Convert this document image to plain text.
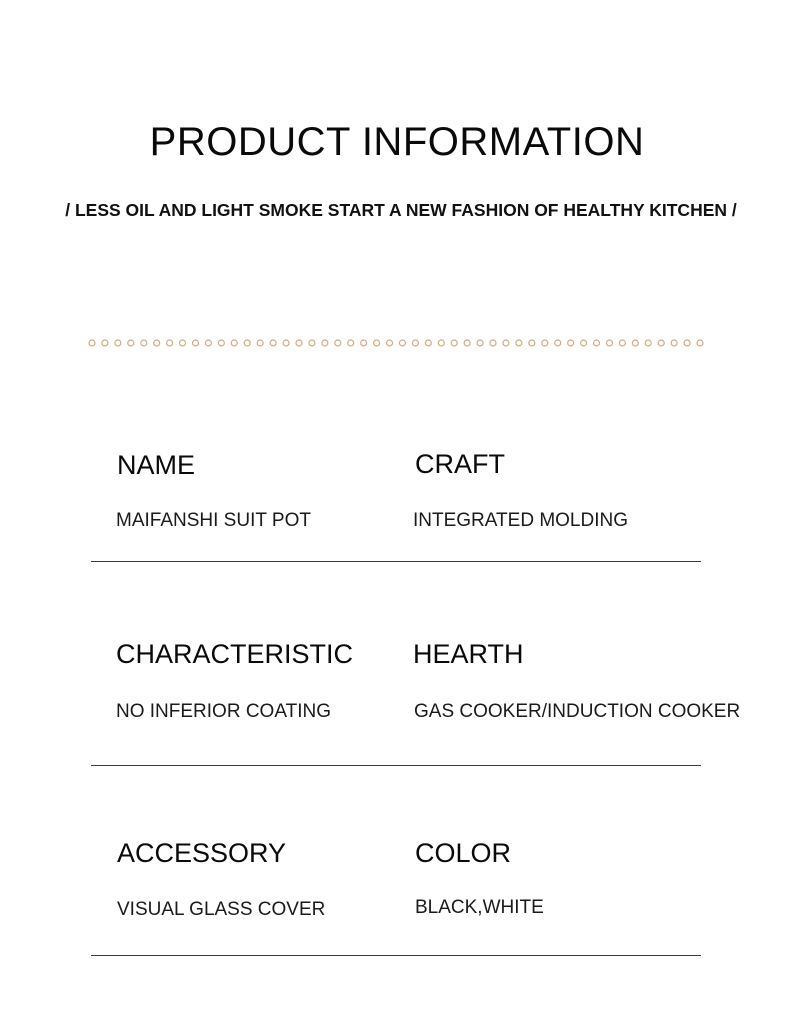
PRODUCT INFORMATION

/ LESS OIL AND LIGHT SMOKE START A NEW FASHION OF HEALTHY KITCHEN /

NAME
MAIFANSHI SUIT POT
CRAFT
INTEGRATED MOLDING
CHARACTERISTIC
NO INFERIOR COATING
HEARTH
GAS COOKER/INDUCTION COOKER
ACCESSORY
VISUAL GLASS COVER
COLOR
BLACK,WHITE
